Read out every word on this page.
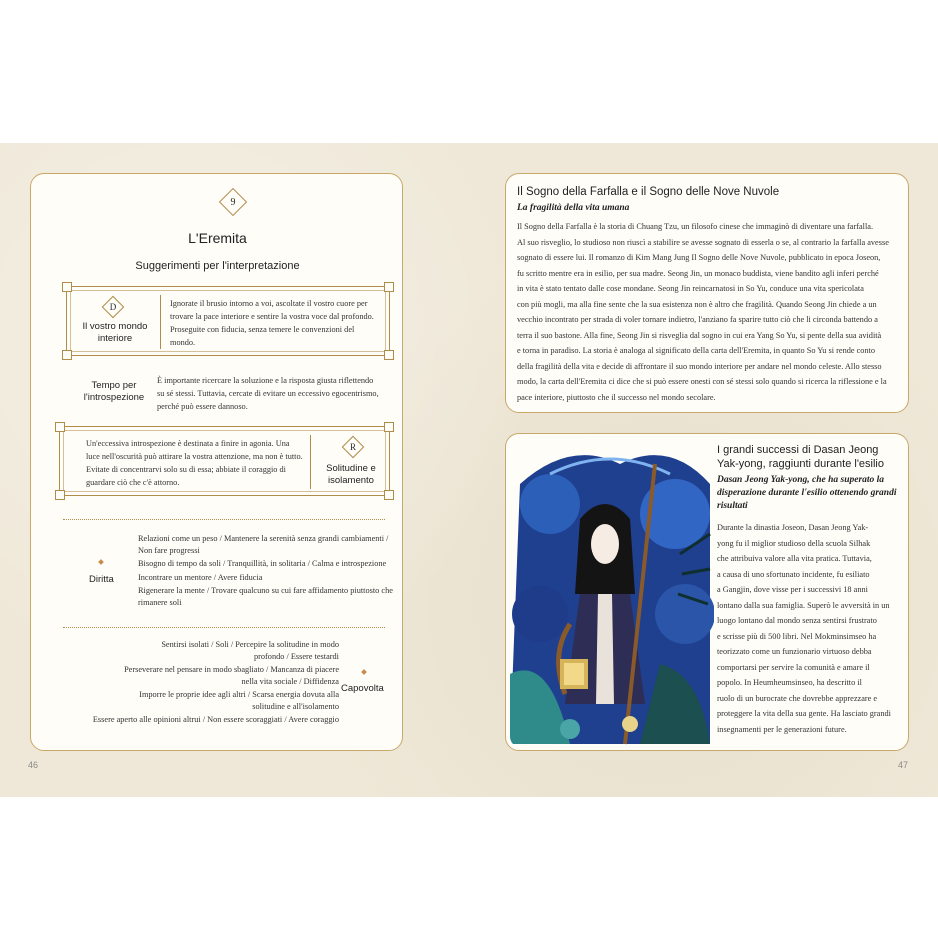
9
L'Eremita
Suggerimenti per l'interpretazione
D
Il vostro mondo interiore
Ignorate il brusio intorno a voi, ascoltate il vostro cuore per trovare la pace interiore e sentire la vostra voce dal profondo. Proseguite con fiducia, senza temere le convenzioni del mondo.
Tempo per l'introspezione
È importante ricercare la soluzione e la risposta giusta riflettendo su sé stessi. Tuttavia, cercate di evitare un eccessivo egocentrismo, perché può essere dannoso.
Un'eccessiva introspezione è destinata a finire in agonia. Una luce nell'oscurità può attirare la vostra attenzione, ma non è tutto. Evitate di concentrarvi solo su di essa; abbiate il coraggio di guardare ciò che c'è attorno.
R
Solitudine e isolamento
Diritta
Relazioni come un peso / Mantenere la serenità senza grandi cambiamenti / Non fare progressi
Bisogno di tempo da soli / Tranquillità, in solitaria / Calma e introspezione
Incontrare un mentore / Avere fiducia
Rigenerare la mente / Trovare qualcuno su cui fare affidamento piuttosto che rimanere soli
Sentirsi isolati / Soli / Percepire la solitudine in modo profondo / Essere testardi
Perseverare nel pensare in modo sbagliato / Mancanza di piacere nella vita sociale / Diffidenza
Imporre le proprie idee agli altri / Scarsa energia dovuta alla solitudine e all'isolamento
Essere aperto alle opinioni altrui / Non essere scoraggiati / Avere coraggio
Capovolta
46
Il Sogno della Farfalla e il Sogno delle Nove Nuvole
La fragilità della vita umana
Il Sogno della Farfalla è la storia di Chuang Tzu, un filosofo cinese che immaginò di diventare una farfalla.
Al suo risveglio, lo studioso non riuscì a stabilire se avesse sognato di esserla o se, al contrario la farfalla avesse
sognato di essere lui. Il romanzo di Kim Mang Jung Il Sogno delle Nove Nuvole, pubblicato in epoca Joseon,
fu scritto mentre era in esilio, per sua madre. Seong Jin, un monaco buddista, viene bandito agli inferi perché
in vita è stato tentato dalle cose mondane. Seong Jin reincarnatosi in So Yu, conduce una vita spericolata
con più mogli, ma alla fine sente che la sua esistenza non è altro che fragilità. Quando Seong Jin chiede a un
vecchio incontrato per strada di voler tornare indietro, l'anziano fa sparire tutto ciò che li circonda battendo a
terra il suo bastone. Alla fine, Seong Jin si risveglia dal sogno in cui era Yang So Yu, si pente della sua avidità
e torna in paradiso. La storia è analoga al significato della carta dell'Eremita, in quanto So Yu si rende conto
della fragilità della vita e decide di affrontare il suo mondo interiore per andare nel mondo celeste. Allo stesso
modo, la carta dell'Eremita ci dice che si può essere onesti con sé stessi solo quando si ricerca la riflessione e la
pace interiore, piuttosto che il successo nel mondo secolare.
I grandi successi di Dasan Jeong Yak-yong, raggiunti durante l'esilio
Dasan Jeong Yak-yong, che ha superato la disperazione durante l'esilio ottenendo grandi risultati
Durante la dinastia Joseon, Dasan Jeong Yak-
yong fu il miglior studioso della scuola Silhak
che attribuiva valore alla vita pratica. Tuttavia,
a causa di uno sfortunato incidente, fu esiliato
a Gangjin, dove visse per i successivi 18 anni
lontano dalla sua famiglia. Superò le avversità in un
luogo lontano dal mondo senza sentirsi frustrato
e scrisse più di 500 libri. Nel Mokminsimseo ha
teorizzato come un funzionario virtuoso debba
comportarsi per servire la comunità e amare il
popolo. In Heumheumsinseo, ha descritto il
ruolo di un burocrate che dovrebbe apprezzare e
proteggere la vita della sua gente. Ha lasciato grandi
insegnamenti per le generazioni future.
47
